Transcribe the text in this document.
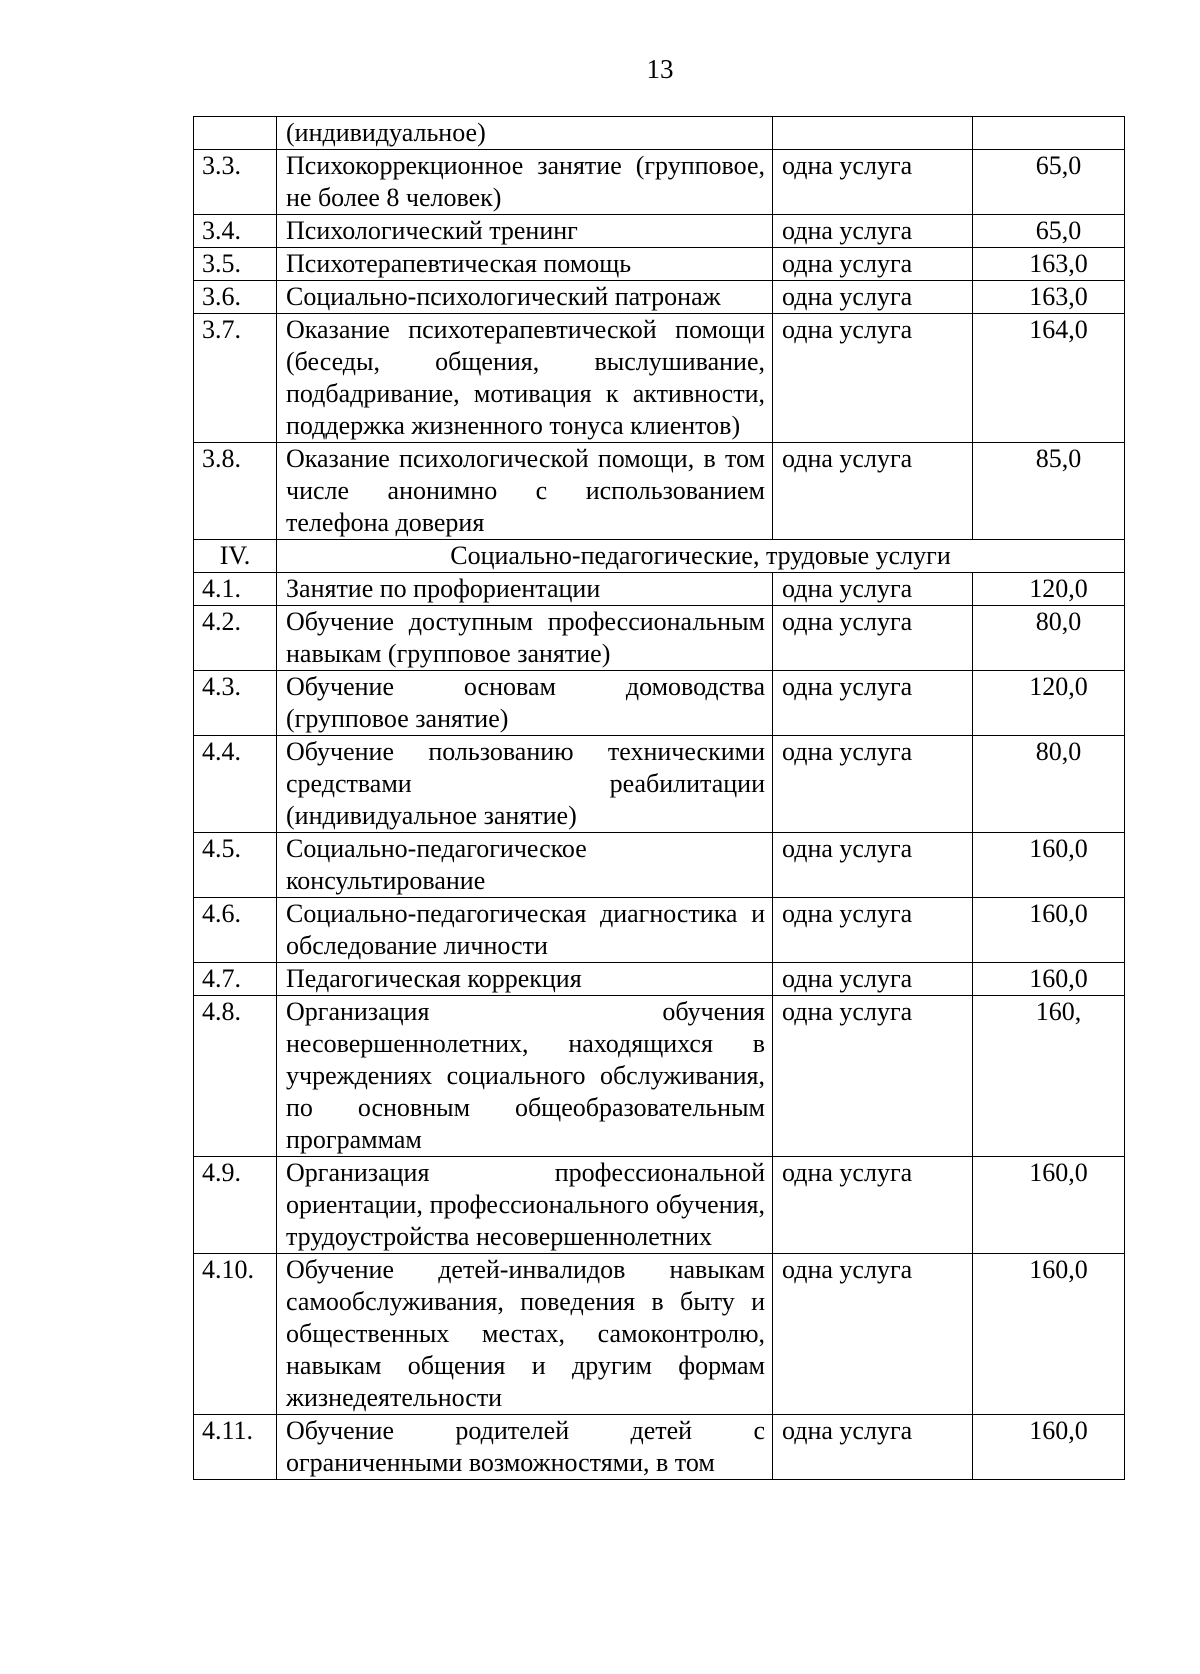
13
	(индивидуальное)		
3.3.	Психокоррекционное занятие (групповое, не более 8 человек)	одна услуга	65,0
3.4.	Психологический тренинг	одна услуга	65,0
3.5.	Психотерапевтическая помощь	одна услуга	163,0
3.6.	Социально-психологический патронаж	одна услуга	163,0
3.7.	Оказание психотерапевтической помощи (беседы, общения, выслушивание, подбадривание, мотивация к активности, поддержка жизненного тонуса клиентов)	одна услуга	164,0
3.8.	Оказание психологической помощи, в том числе анонимно с использованием телефона доверия	одна услуга	85,0
IV.	Социально-педагогические, трудовые услуги		
4.1.	Занятие по профориентации	одна услуга	120,0
4.2.	Обучение доступным профессиональным навыкам (групповое занятие)	одна услуга	80,0
4.3.	Обучение основам домоводства (групповое занятие)	одна услуга	120,0
4.4.	Обучение пользованию техническими средствами реабилитации (индивидуальное занятие)	одна услуга	80,0
4.5.	Социально-педагогическое консультирование	одна услуга	160,0
4.6.	Социально-педагогическая диагностика и обследование личности	одна услуга	160,0
4.7.	Педагогическая коррекция	одна услуга	160,0
4.8.	Организация обучения несовершеннолетних, находящихся в учреждениях социального обслуживания, по основным общеобразовательным программам	одна услуга	160,
4.9.	Организация профессиональной ориентации, профессионального обучения, трудоустройства несовершеннолетних	одна услуга	160,0
4.10.	Обучение детей-инвалидов навыкам самообслуживания, поведения в быту и общественных местах, самоконтролю, навыкам общения и другим формам жизнедеятельности	одна услуга	160,0
4.11.	Обучение родителей детей с ограниченными возможностями, в том	одна услуга	160,0
